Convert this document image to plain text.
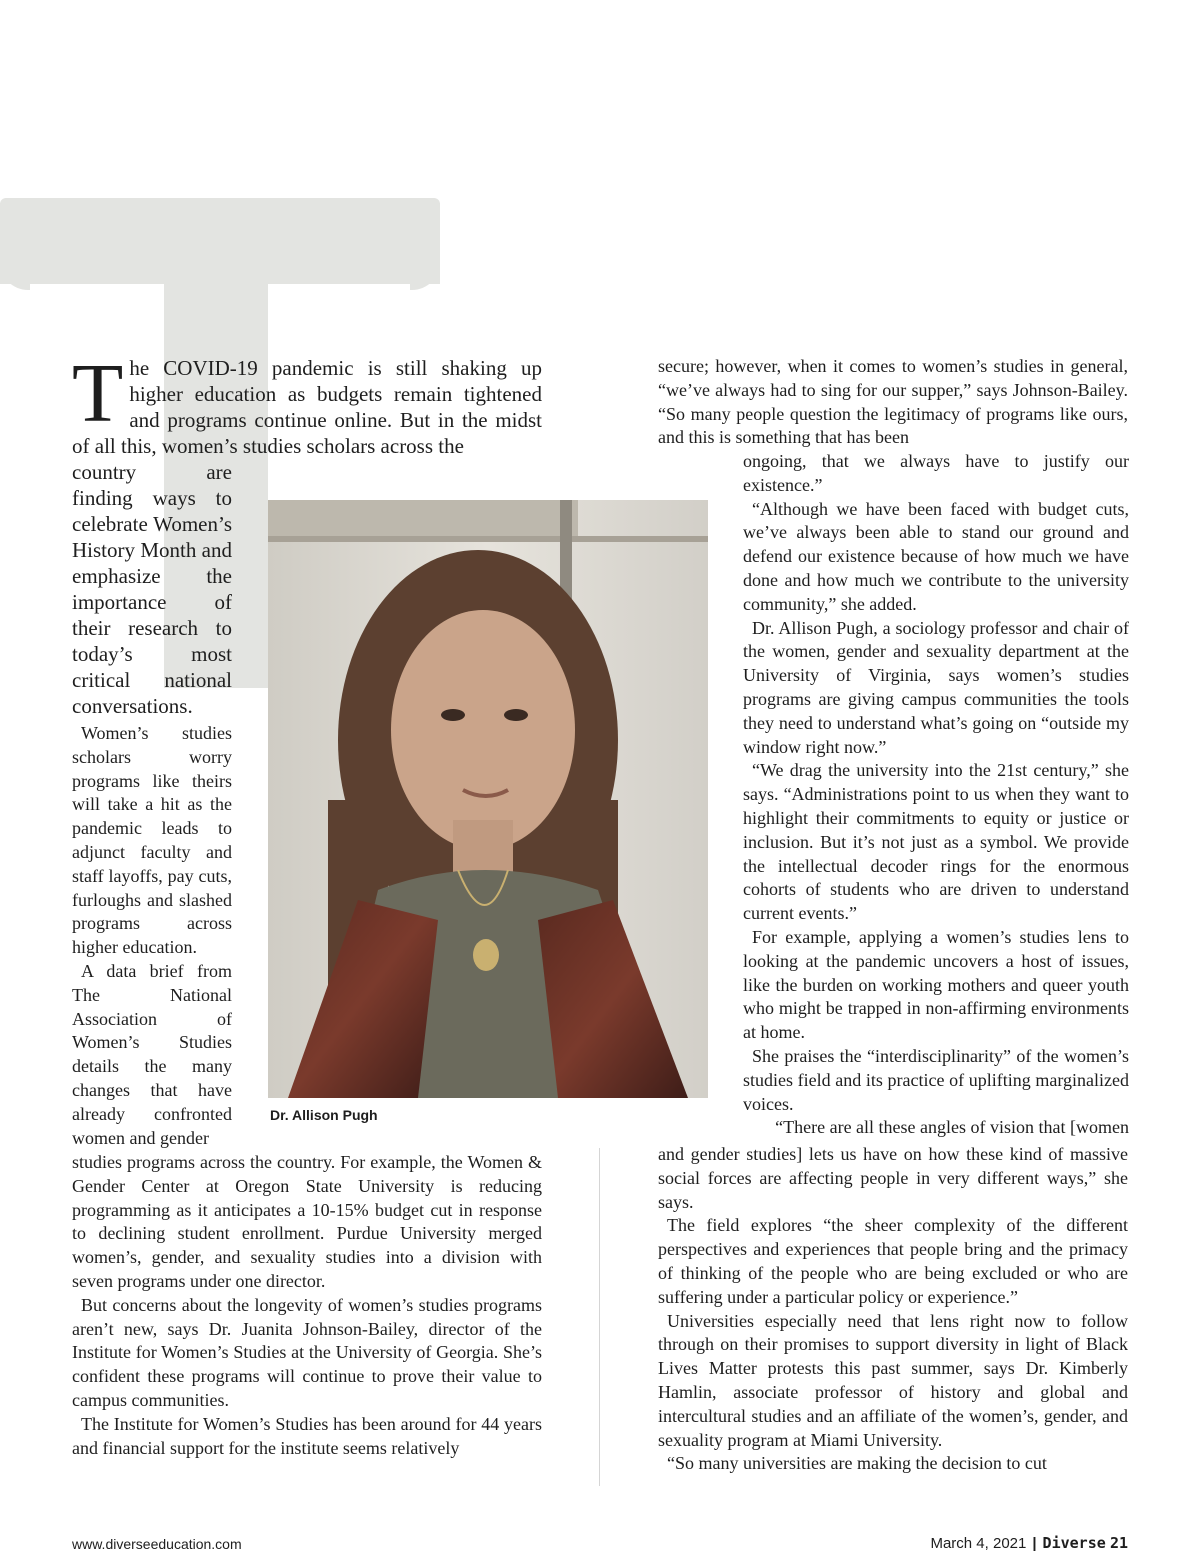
The COVID-19 pandemic is still shaking up higher education as budgets remain tightened and programs continue online. But in the midst of all this, women’s studies scholars across the
country are finding ways to celebrate Women’s History Month and emphasize the importance of their research to today’s most critical national conversations.

Women’s studies scholars worry programs like theirs will take a hit as the pandemic leads to adjunct faculty and staff layoffs, pay cuts, furloughs and slashed programs across higher education.

A data brief from The National Association of Women’s Studies details the many changes that have already confronted women and gender

Dr. Allison Pugh

studies programs across the country. For example, the Women & Gender Center at Oregon State University is reducing programming as it anticipates a 10-15% budget cut in response to declining student enrollment. Purdue University merged women’s, gender, and sexuality studies into a division with seven programs under one director.

But concerns about the longevity of women’s studies programs aren’t new, says Dr. Juanita Johnson-Bailey, director of the Institute for Women’s Studies at the University of Georgia. She’s confident these programs will continue to prove their value to campus communities.

The Institute for Women’s Studies has been around for 44 years and financial support for the institute seems relatively

secure; however, when it comes to women’s studies in general, “we’ve always had to sing for our supper,” says Johnson-Bailey. “So many people question the legitimacy of programs like ours, and this is something that has been

ongoing, that we always have to justify our existence.”

“Although we have been faced with budget cuts, we’ve always been able to stand our ground and defend our existence because of how much we have done and how much we contribute to the university community,” she added.

Dr. Allison Pugh, a sociology professor and chair of the women, gender and sexuality department at the University of Virginia, says women’s studies programs are giving campus communities the tools they need to understand what’s going on “outside my window right now.”

“We drag the university into the 21st century,” she says. “Administrations point to us when they want to highlight their commitments to equity or justice or inclusion. But it’s not just as a symbol. We provide the intellectual decoder rings for the enormous cohorts of students who are driven to understand current events.”

For example, applying a women’s studies lens to looking at the pandemic uncovers a host of issues, like the burden on working mothers and queer youth who might be trapped in non-affirming environments at home.

She praises the “interdisciplinarity” of the women’s studies field and its practice of uplifting marginalized voices.

“There are all these angles of vision that [women

and gender studies] lets us have on how these kind of massive social forces are affecting people in very different ways,” she says.

The field explores “the sheer complexity of the different perspectives and experiences that people bring and the primacy of thinking of the people who are being excluded or who are suffering under a particular policy or experience.”

Universities especially need that lens right now to follow through on their promises to support diversity in light of Black Lives Matter protests this past summer, says Dr. Kimberly Hamlin, associate professor of history and global and intercultural studies and an affiliate of the women’s, gender, and sexuality program at Miami University.

“So many universities are making the decision to cut

www.diverseeducation.com	March 4, 2021 | Diverse 21
